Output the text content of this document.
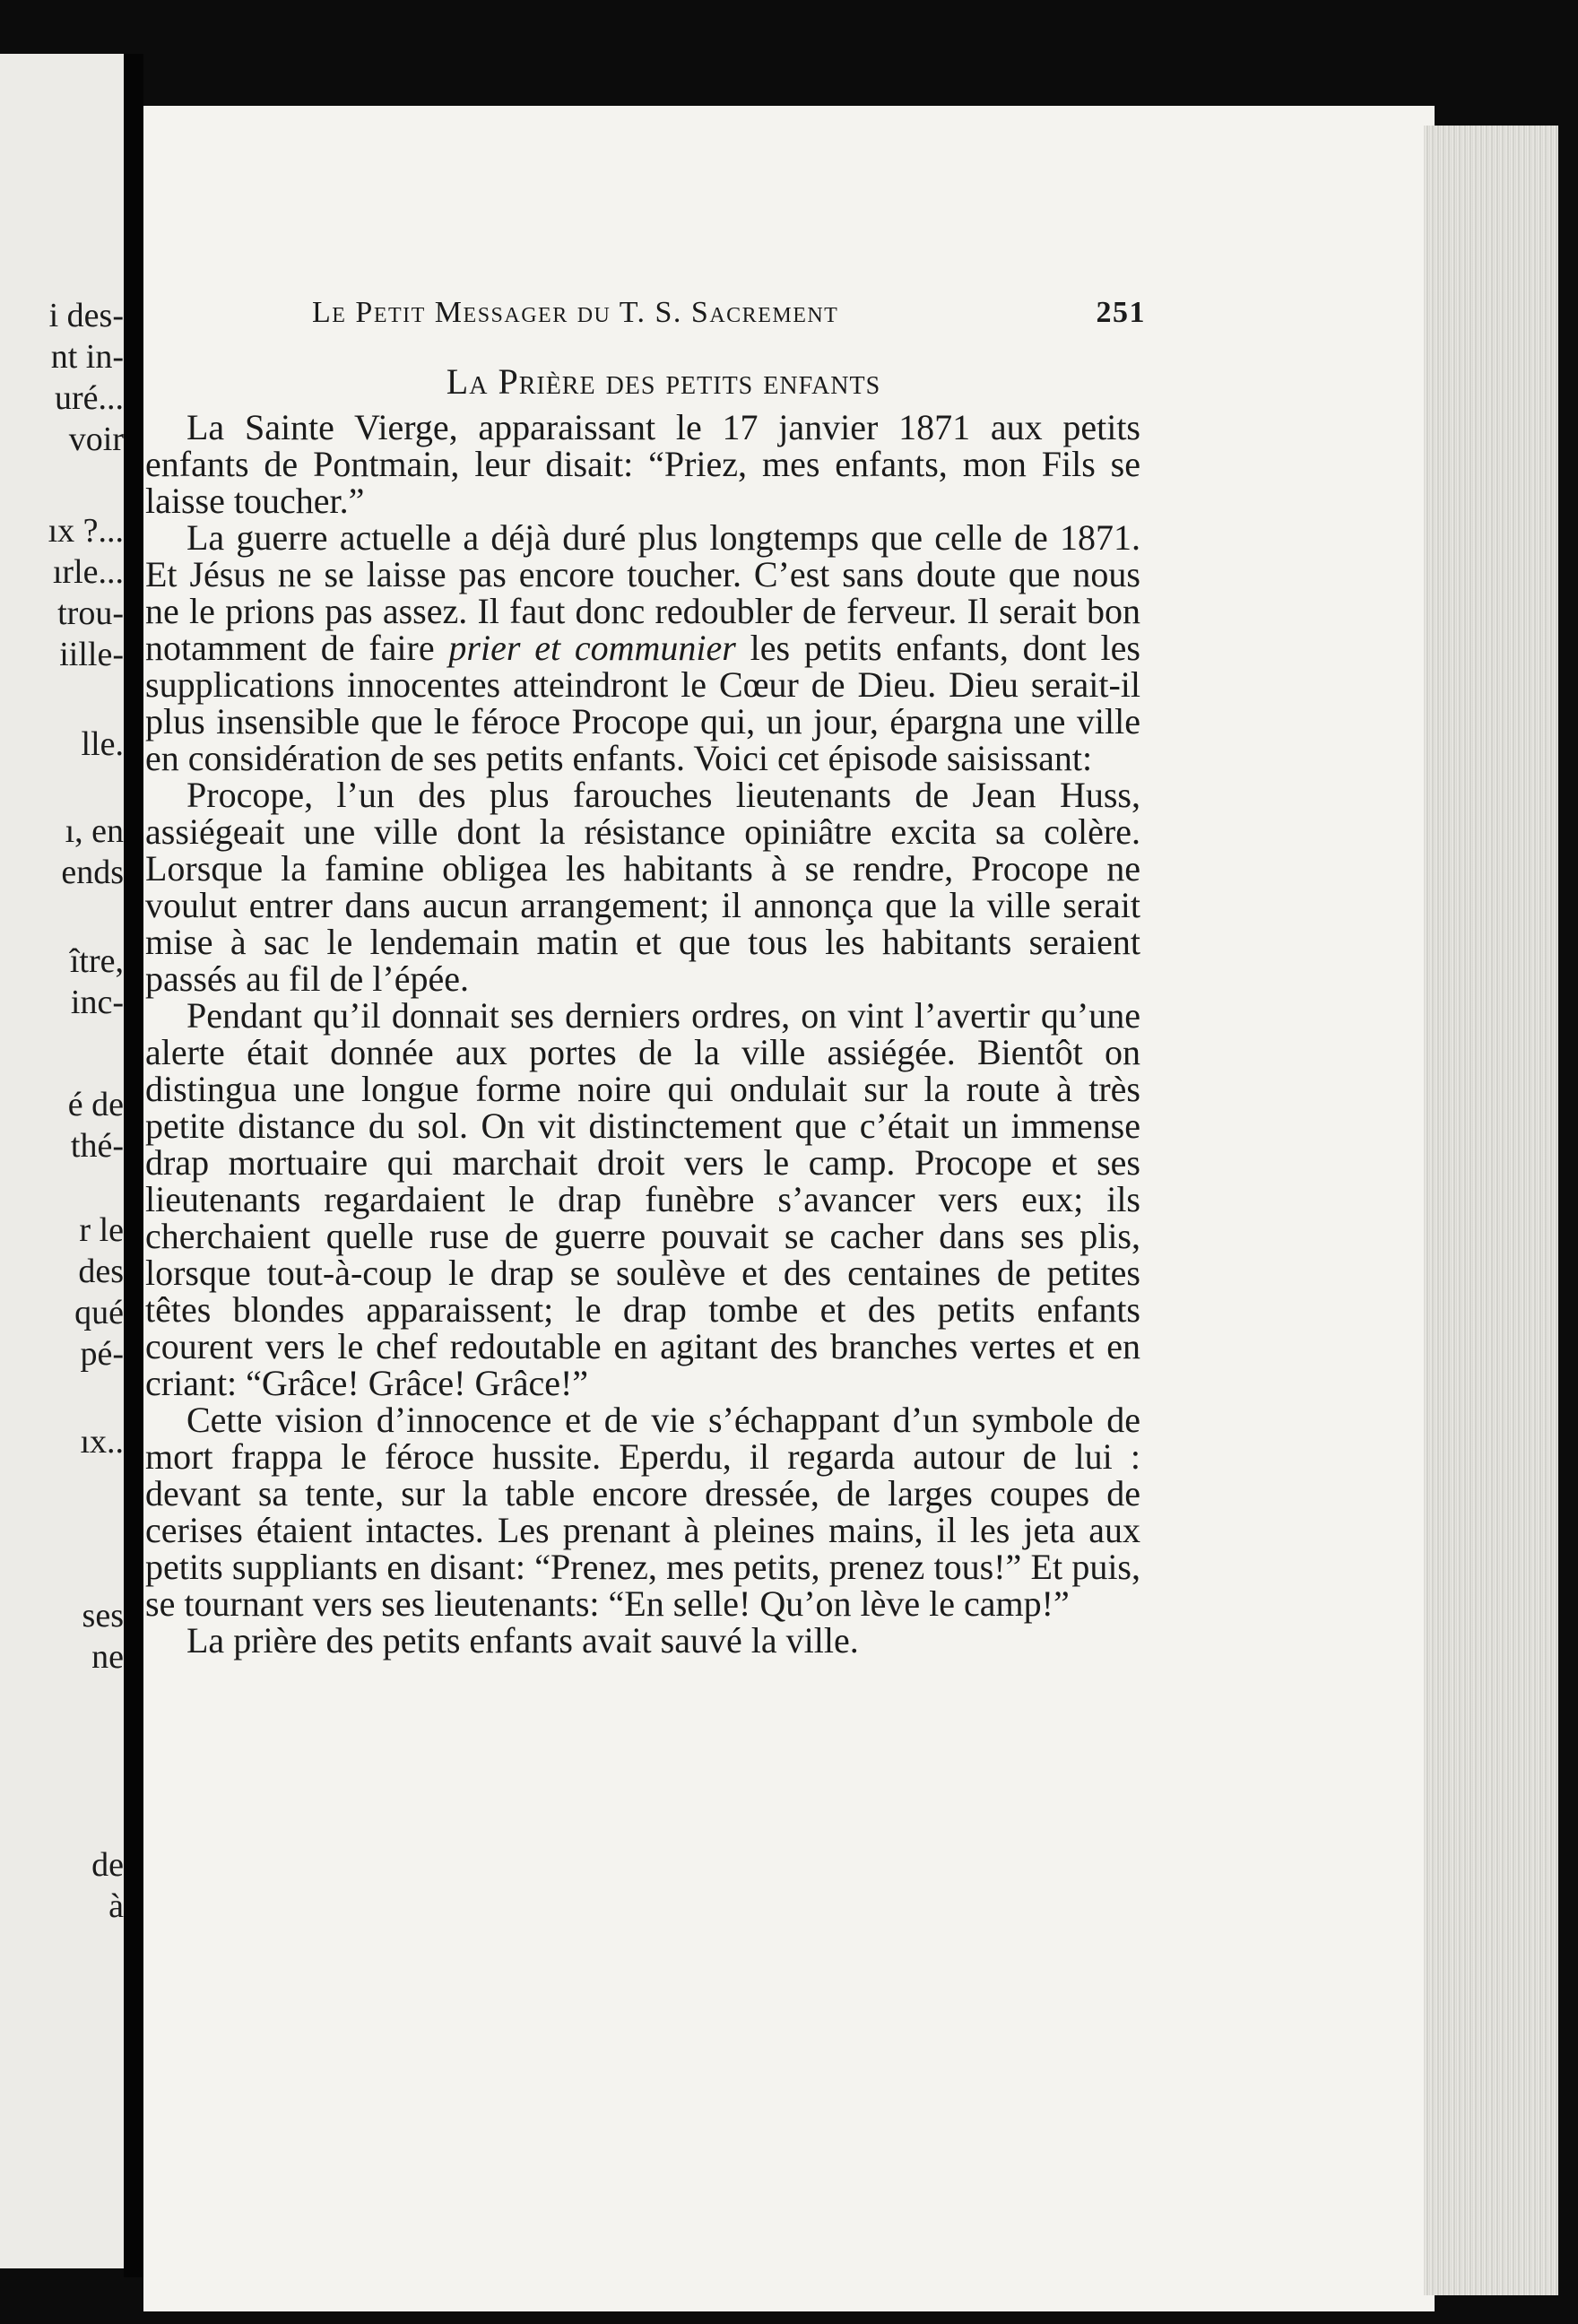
i des-
nt in-
uré...
voir
ıx ?...
ırle...
trou-
iille-
lle.
ı, en
ends
ître,
inc-
é de
thé-
r le
des
qué
pé-
ıx..
ses
ne
de
à
Le Petit Messager du T. S. Sacrement	251
La Prière des petits enfants

La Sainte Vierge, apparaissant le 17 janvier 1871 aux petits enfants de Pontmain, leur disait: “Priez, mes enfants, mon Fils se laisse toucher.”

La guerre actuelle a déjà duré plus longtemps que celle de 1871. Et Jésus ne se laisse pas encore toucher. C’est sans doute que nous ne le prions pas assez. Il faut donc redoubler de ferveur. Il serait bon notamment de faire prier et communier les petits enfants, dont les supplications innocentes atteindront le Cœur de Dieu. Dieu serait-il plus insensible que le féroce Procope qui, un jour, épargna une ville en considération de ses petits enfants. Voici cet épisode saisissant:

Procope, l’un des plus farouches lieutenants de Jean Huss, assiégeait une ville dont la résistance opiniâtre excita sa colère. Lorsque la famine obligea les habitants à se rendre, Procope ne voulut entrer dans aucun arrangement; il annonça que la ville serait mise à sac le lendemain matin et que tous les habitants seraient passés au fil de l’épée.

Pendant qu’il donnait ses derniers ordres, on vint l’avertir qu’une alerte était donnée aux portes de la ville assiégée. Bientôt on distingua une longue forme noire qui ondulait sur la route à très petite distance du sol. On vit distinctement que c’était un immense drap mortuaire qui marchait droit vers le camp. Procope et ses lieutenants regardaient le drap funèbre s’avancer vers eux; ils cherchaient quelle ruse de guerre pouvait se cacher dans ses plis, lorsque tout-à-coup le drap se soulève et des centaines de petites têtes blondes apparaissent; le drap tombe et des petits enfants courent vers le chef redoutable en agitant des branches vertes et en criant: “Grâce! Grâce! Grâce!”

Cette vision d’innocence et de vie s’échappant d’un symbole de mort frappa le féroce hussite. Eperdu, il regarda autour de lui : devant sa tente, sur la table encore dressée, de larges coupes de cerises étaient intactes. Les prenant à pleines mains, il les jeta aux petits suppliants en disant: “Prenez, mes petits, prenez tous!” Et puis, se tournant vers ses lieutenants: “En selle! Qu’on lève le camp!”

La prière des petits enfants avait sauvé la ville.
